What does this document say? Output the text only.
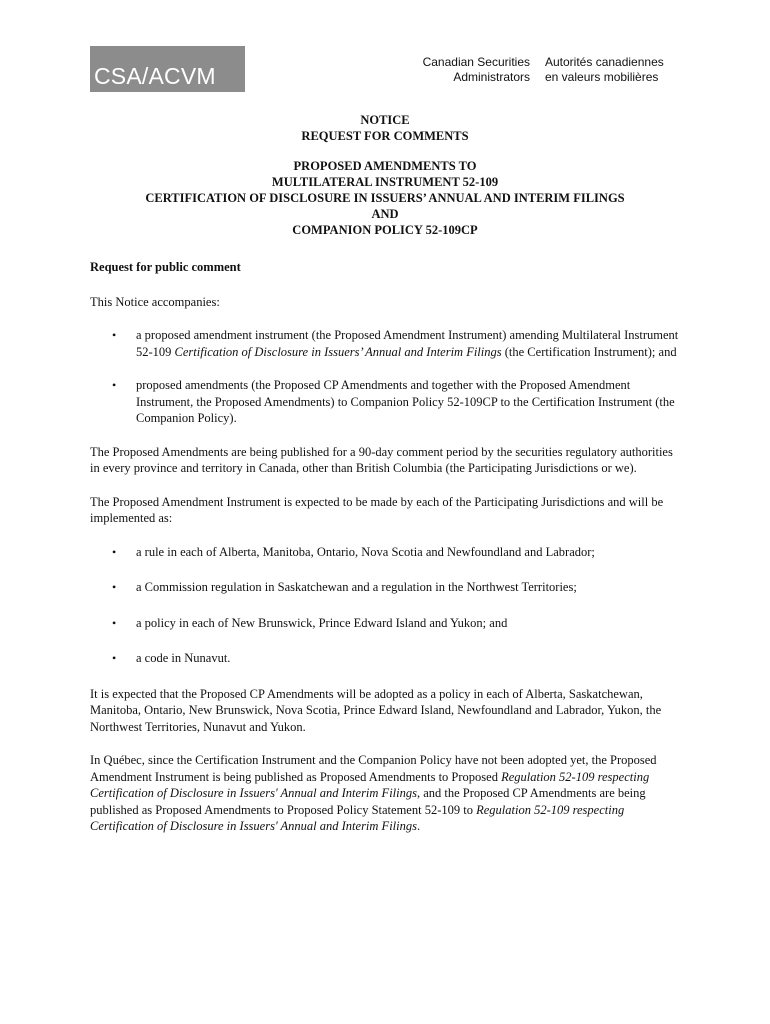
CSA/ACVM
Canadian Securities
Administrators
Autorités canadiennes
en valeurs mobilières
NOTICE
REQUEST FOR COMMENTS
PROPOSED AMENDMENTS TO
MULTILATERAL INSTRUMENT 52-109
CERTIFICATION OF DISCLOSURE IN ISSUERS’ ANNUAL AND INTERIM FILINGS
AND
COMPANION POLICY 52-109CP
Request for public comment

This Notice accompanies:

• a proposed amendment instrument (the Proposed Amendment Instrument) amending Multilateral Instrument 52-109 Certification of Disclosure in Issuers’ Annual and Interim Filings (the Certification Instrument); and
• proposed amendments (the Proposed CP Amendments and together with the Proposed Amendment Instrument, the Proposed Amendments) to Companion Policy 52-109CP to the Certification Instrument (the Companion Policy).

The Proposed Amendments are being published for a 90-day comment period by the securities regulatory authorities in every province and territory in Canada, other than British Columbia (the Participating Jurisdictions or we).

The Proposed Amendment Instrument is expected to be made by each of the Participating Jurisdictions and will be implemented as:

• a rule in each of Alberta, Manitoba, Ontario, Nova Scotia and Newfoundland and Labrador;
• a Commission regulation in Saskatchewan and a regulation in the Northwest Territories;
• a policy in each of New Brunswick, Prince Edward Island and Yukon; and
• a code in Nunavut.

It is expected that the Proposed CP Amendments will be adopted as a policy in each of Alberta, Saskatchewan, Manitoba, Ontario, New Brunswick, Nova Scotia, Prince Edward Island, Newfoundland and Labrador, Yukon, the Northwest Territories, Nunavut and Yukon.

In Québec, since the Certification Instrument and the Companion Policy have not been adopted yet, the Proposed Amendment Instrument is being published as Proposed Amendments to Proposed Regulation 52-109 respecting Certification of Disclosure in Issuers' Annual and Interim Filings, and the Proposed CP Amendments are being published as Proposed Amendments to Proposed Policy Statement 52-109 to Regulation 52-109 respecting Certification of Disclosure in Issuers' Annual and Interim Filings.
